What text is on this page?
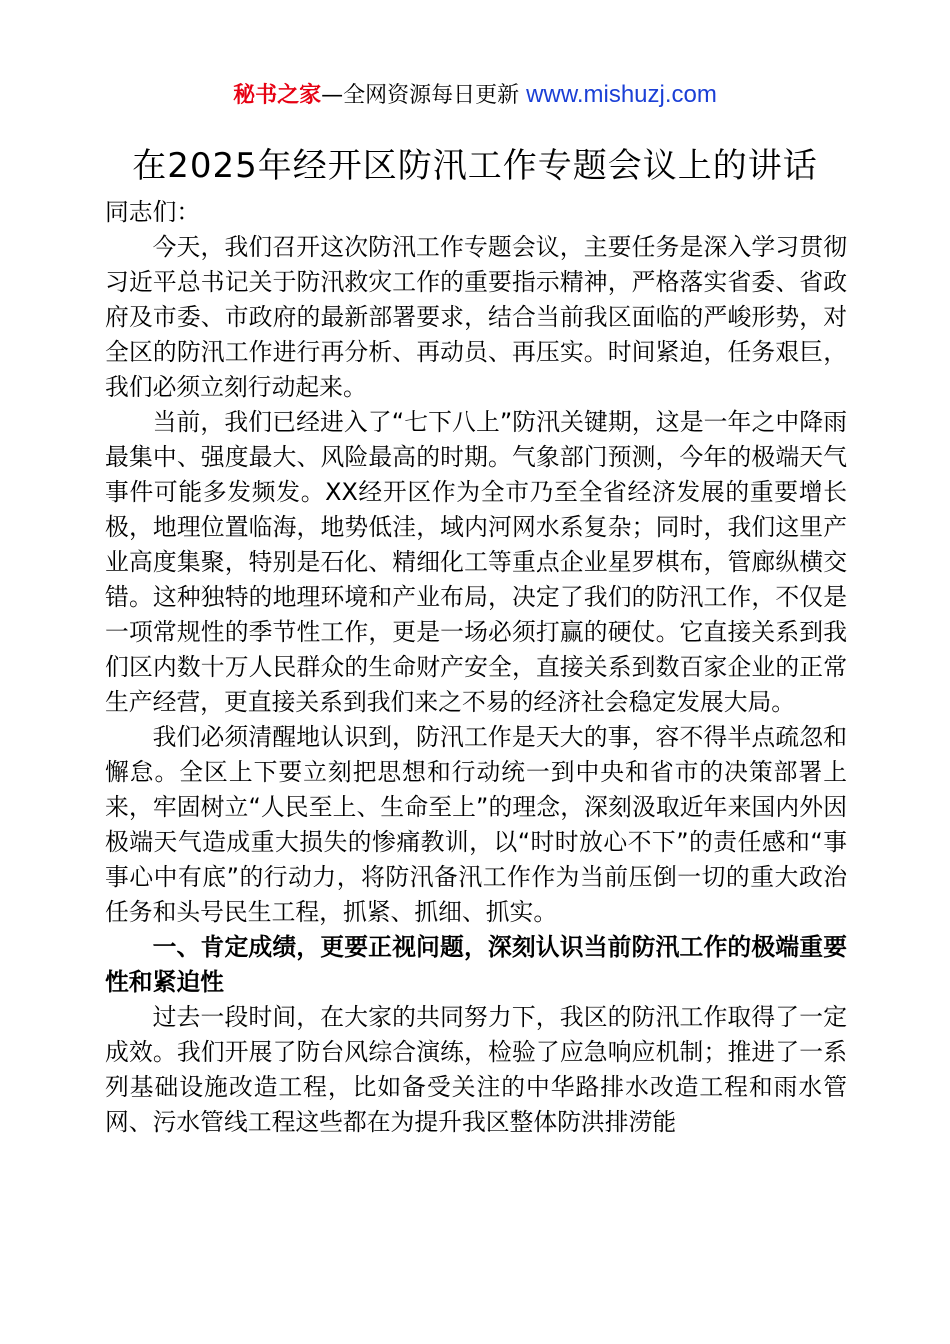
秘书之家—全网资源每日更新 www.mishuzj.com
在2025年经开区防汛工作专题会议上的讲话

同志们：

今天，我们召开这次防汛工作专题会议，主要任务是深入学习贯彻习近平总书记关于防汛救灾工作的重要指示精神，严格落实省委、省政府及市委、市政府的最新部署要求，结合当前我区面临的严峻形势，对全区的防汛工作进行再分析、再动员、再压实。时间紧迫，任务艰巨，我们必须立刻行动起来。

当前，我们已经进入了“七下八上”防汛关键期，这是一年之中降雨最集中、强度最大、风险最高的时期。气象部门预测，今年的极端天气事件可能多发频发。XX经开区作为全市乃至全省经济发展的重要增长极，地理位置临海，地势低洼，域内河网水系复杂；同时，我们这里产业高度集聚，特别是石化、精细化工等重点企业星罗棋布，管廊纵横交错。这种独特的地理环境和产业布局，决定了我们的防汛工作，不仅是一项常规性的季节性工作，更是一场必须打赢的硬仗。它直接关系到我们区内数十万人民群众的生命财产安全，直接关系到数百家企业的正常生产经营，更直接关系到我们来之不易的经济社会稳定发展大局。

我们必须清醒地认识到，防汛工作是天大的事，容不得半点疏忽和懈怠。全区上下要立刻把思想和行动统一到中央和省市的决策部署上来，牢固树立“人民至上、生命至上”的理念，深刻汲取近年来国内外因极端天气造成重大损失的惨痛教训，以“时时放心不下”的责任感和“事事心中有底”的行动力，将防汛备汛工作作为当前压倒一切的重大政治任务和头号民生工程，抓紧、抓细、抓实。

一、肯定成绩，更要正视问题，深刻认识当前防汛工作的极端重要性和紧迫性

过去一段时间，在大家的共同努力下，我区的防汛工作取得了一定成效。我们开展了防台风综合演练，检验了应急响应机制；推进了一系列基础设施改造工程，比如备受关注的中华路排水改造工程和雨水管网、污水管线工程这些都在为提升我区整体防洪排涝能
